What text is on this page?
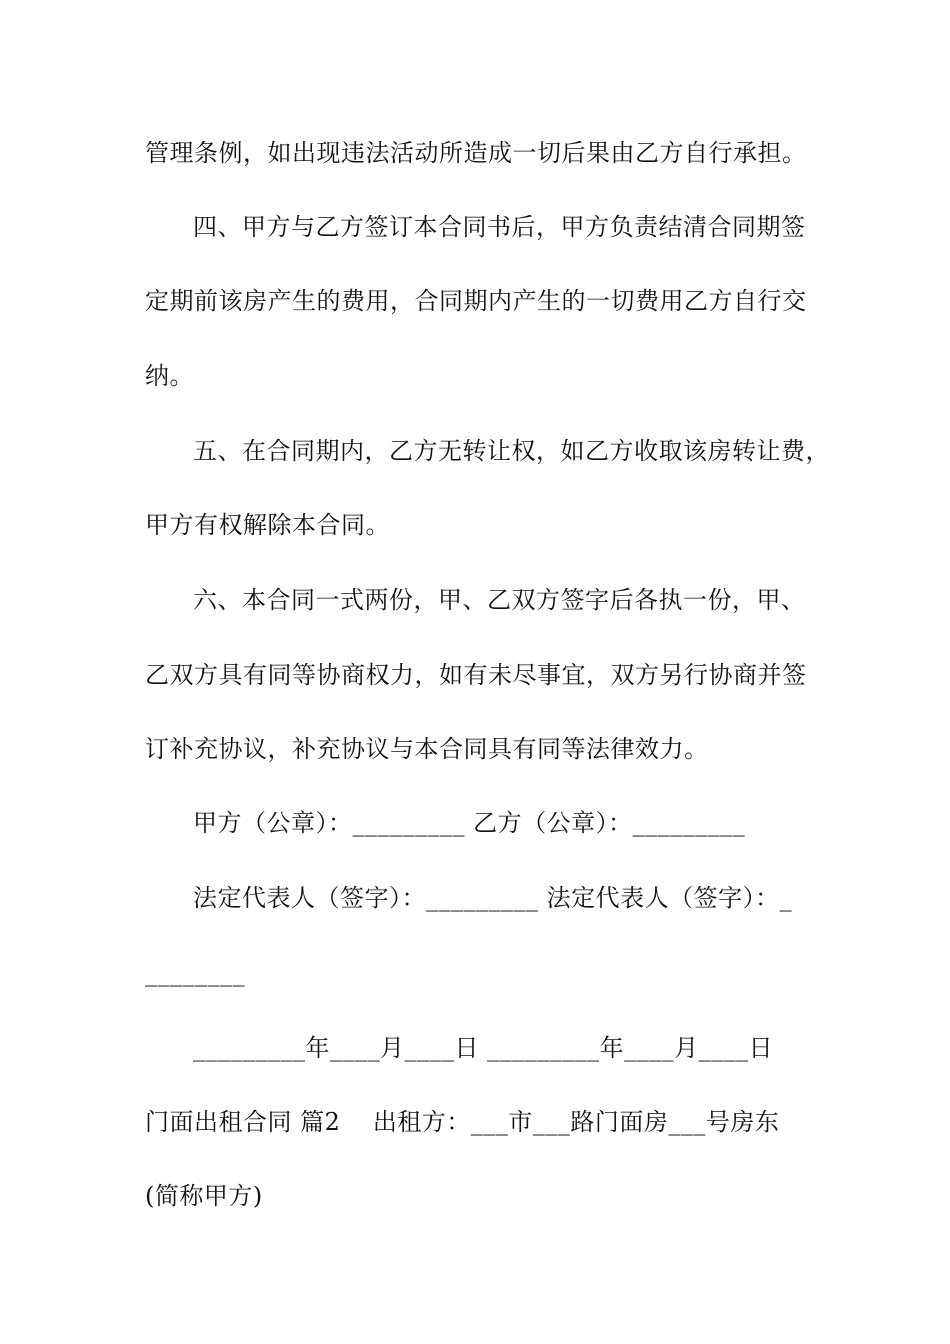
管理条例，如出现违法活动所造成一切后果由乙方自行承担。
四、甲方与乙方签订本合同书后，甲方负责结清合同期签
定期前该房产生的费用，合同期内产生的一切费用乙方自行交
纳。
五、在合同期内，乙方无转让权，如乙方收取该房转让费，
甲方有权解除本合同。
六、本合同一式两份，甲、乙双方签字后各执一份，甲、
乙双方具有同等协商权力，如有未尽事宜，双方另行协商并签
订补充协议，补充协议与本合同具有同等法律效力。
甲方（公章）：_________ 乙方（公章）：_________
法定代表人（签字）：_________ 法定代表人（签字）：_
________
_________年____月____日 _________年____月____日
门面出租合同 篇2    出租方：___市___路门面房___号房东
(简称甲方)
